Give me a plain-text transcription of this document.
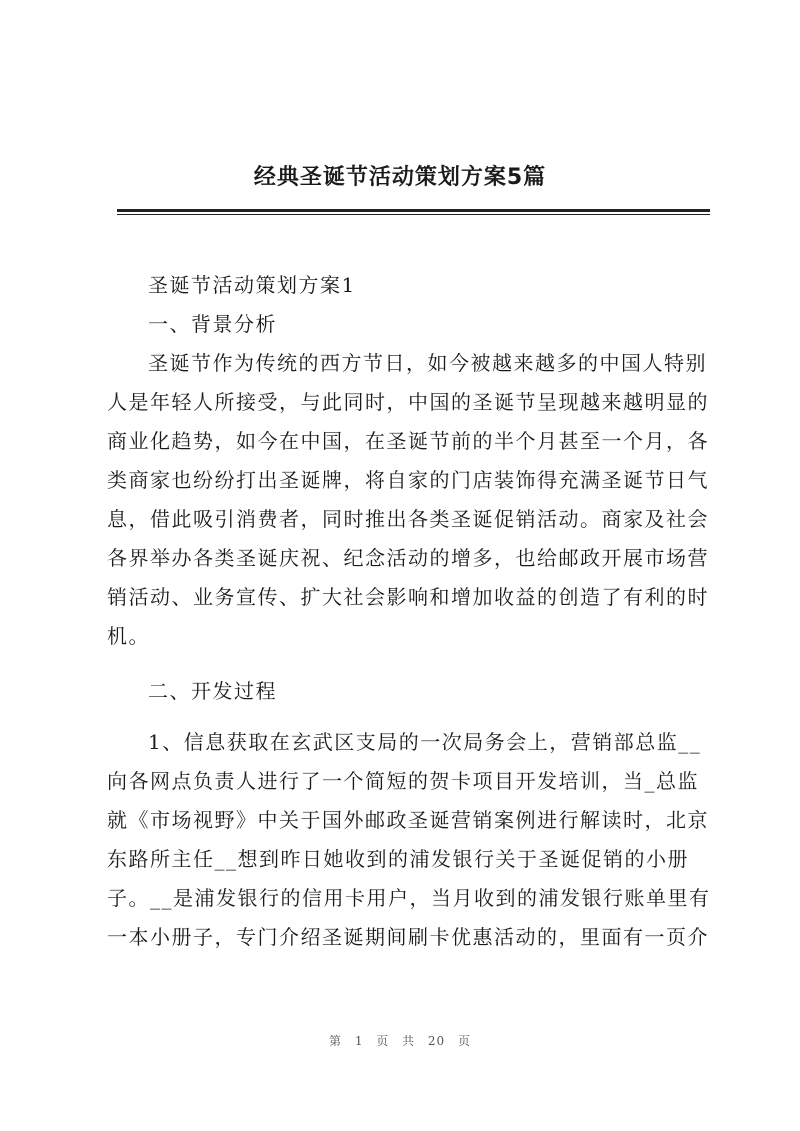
经典圣诞节活动策划方案5篇

圣诞节活动策划方案1

一、背景分析

圣诞节作为传统的西方节日，如今被越来越多的中国人特别人是年轻人所接受，与此同时，中国的圣诞节呈现越来越明显的商业化趋势，如今在中国，在圣诞节前的半个月甚至一个月，各类商家也纷纷打出圣诞牌，将自家的门店装饰得充满圣诞节日气息，借此吸引消费者，同时推出各类圣诞促销活动。商家及社会各界举办各类圣诞庆祝、纪念活动的增多，也给邮政开展市场营销活动、业务宣传、扩大社会影响和增加收益的创造了有利的时机。

二、开发过程

1、信息获取在玄武区支局的一次局务会上，营销部总监__向各网点负责人进行了一个简短的贺卡项目开发培训，当_总监就《市场视野》中关于国外邮政圣诞营销案例进行解读时，北京东路所主任__想到昨日她收到的浦发银行关于圣诞促销的小册子。__是浦发银行的信用卡用户，当月收到的浦发银行账单里有一本小册子，专门介绍圣诞期间刷卡优惠活动的，里面有一页介

第 1 页 共 20 页
